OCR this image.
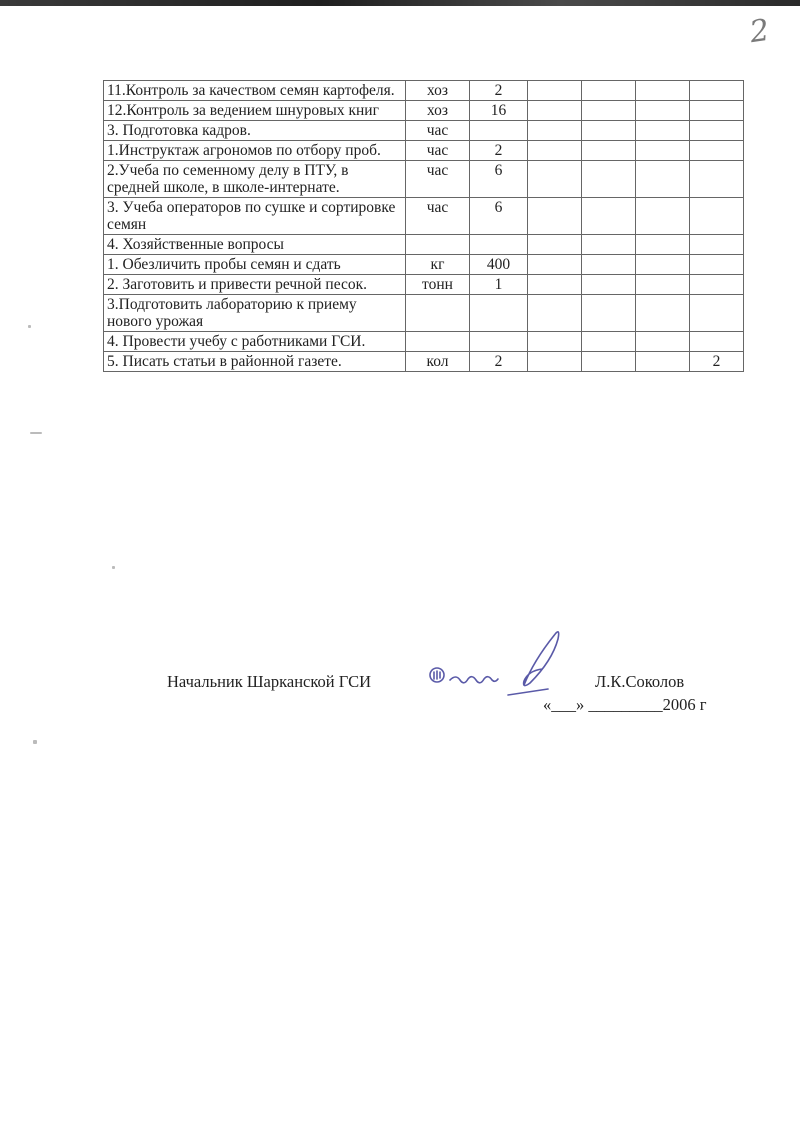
2
11.Контроль за качеством семян картофеля.	хоз	2				
12.Контроль за ведением шнуровых книг	хоз	16				
3. Подготовка кадров.	час					
1.Инструктаж агрономов по отбору проб.	час	2				
2.Учеба по семенному делу в ПТУ, в средней школе, в школе-интернате.	час	6				
3. Учеба операторов по сушке и сортировке семян	час	6				
4. Хозяйственные вопросы						
1. Обезличить пробы семян и сдать	кг	400				
2. Заготовить и привести речной песок.	тонн	1				
3.Подготовить лабораторию к приему нового урожая						
4. Провести учебу с работниками ГСИ.						
5. Писать статьи в районной газете.	кол	2				2
Начальник Шарканской ГСИ	Л.К.Соколов
«___» _________2006 г
